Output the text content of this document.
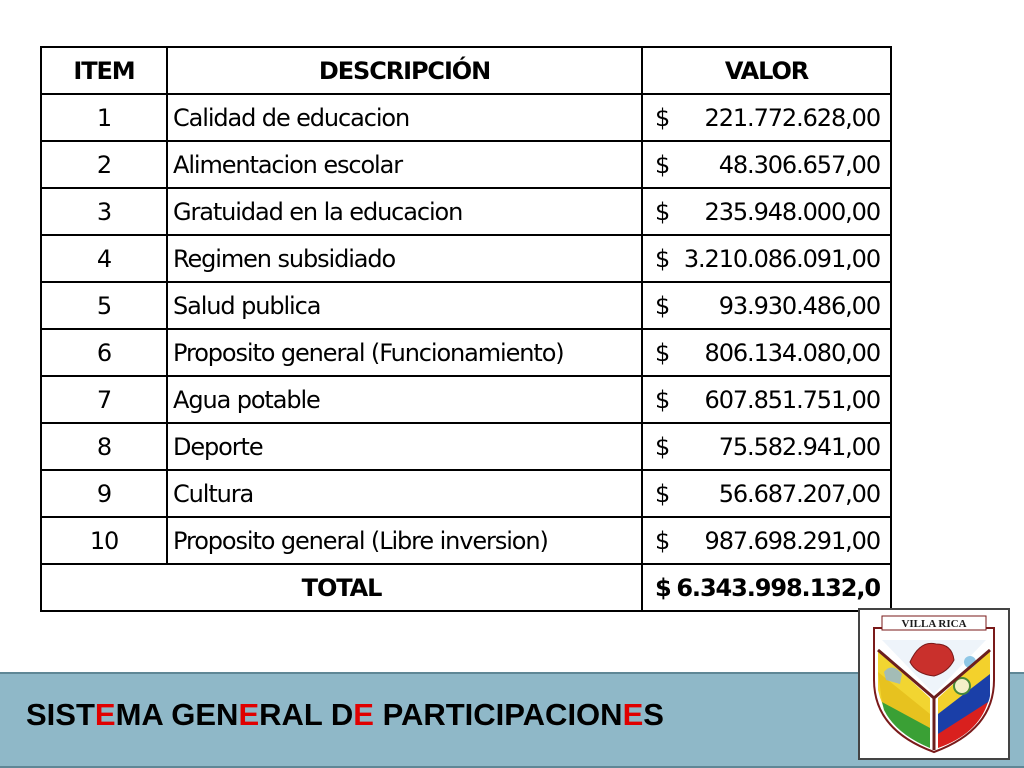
ITEM	DESCRIPCIÓN	VALOR
1	Calidad de educacion	$ 221.772.628,00

2	Alimentacion escolar	$ 48.306.657,00

3	Gratuidad en la educacion	$ 235.948.000,00

4	Regimen subsidiado	$ 3.210.086.091,00

5	Salud publica	$ 93.930.486,00

6	Proposito general (Funcionamiento)	$ 806.134.080,00

7	Agua potable	$ 607.851.751,00

8	Deporte	$ 75.582.941,00

9	Cultura	$ 56.687.207,00

10	Proposito general (Libre inversion)	$ 987.698.291,00

TOTAL		$ 6.343.998.132,0
SISTEMA GENERAL DE PARTICIPACIONES
VILLA RICA
